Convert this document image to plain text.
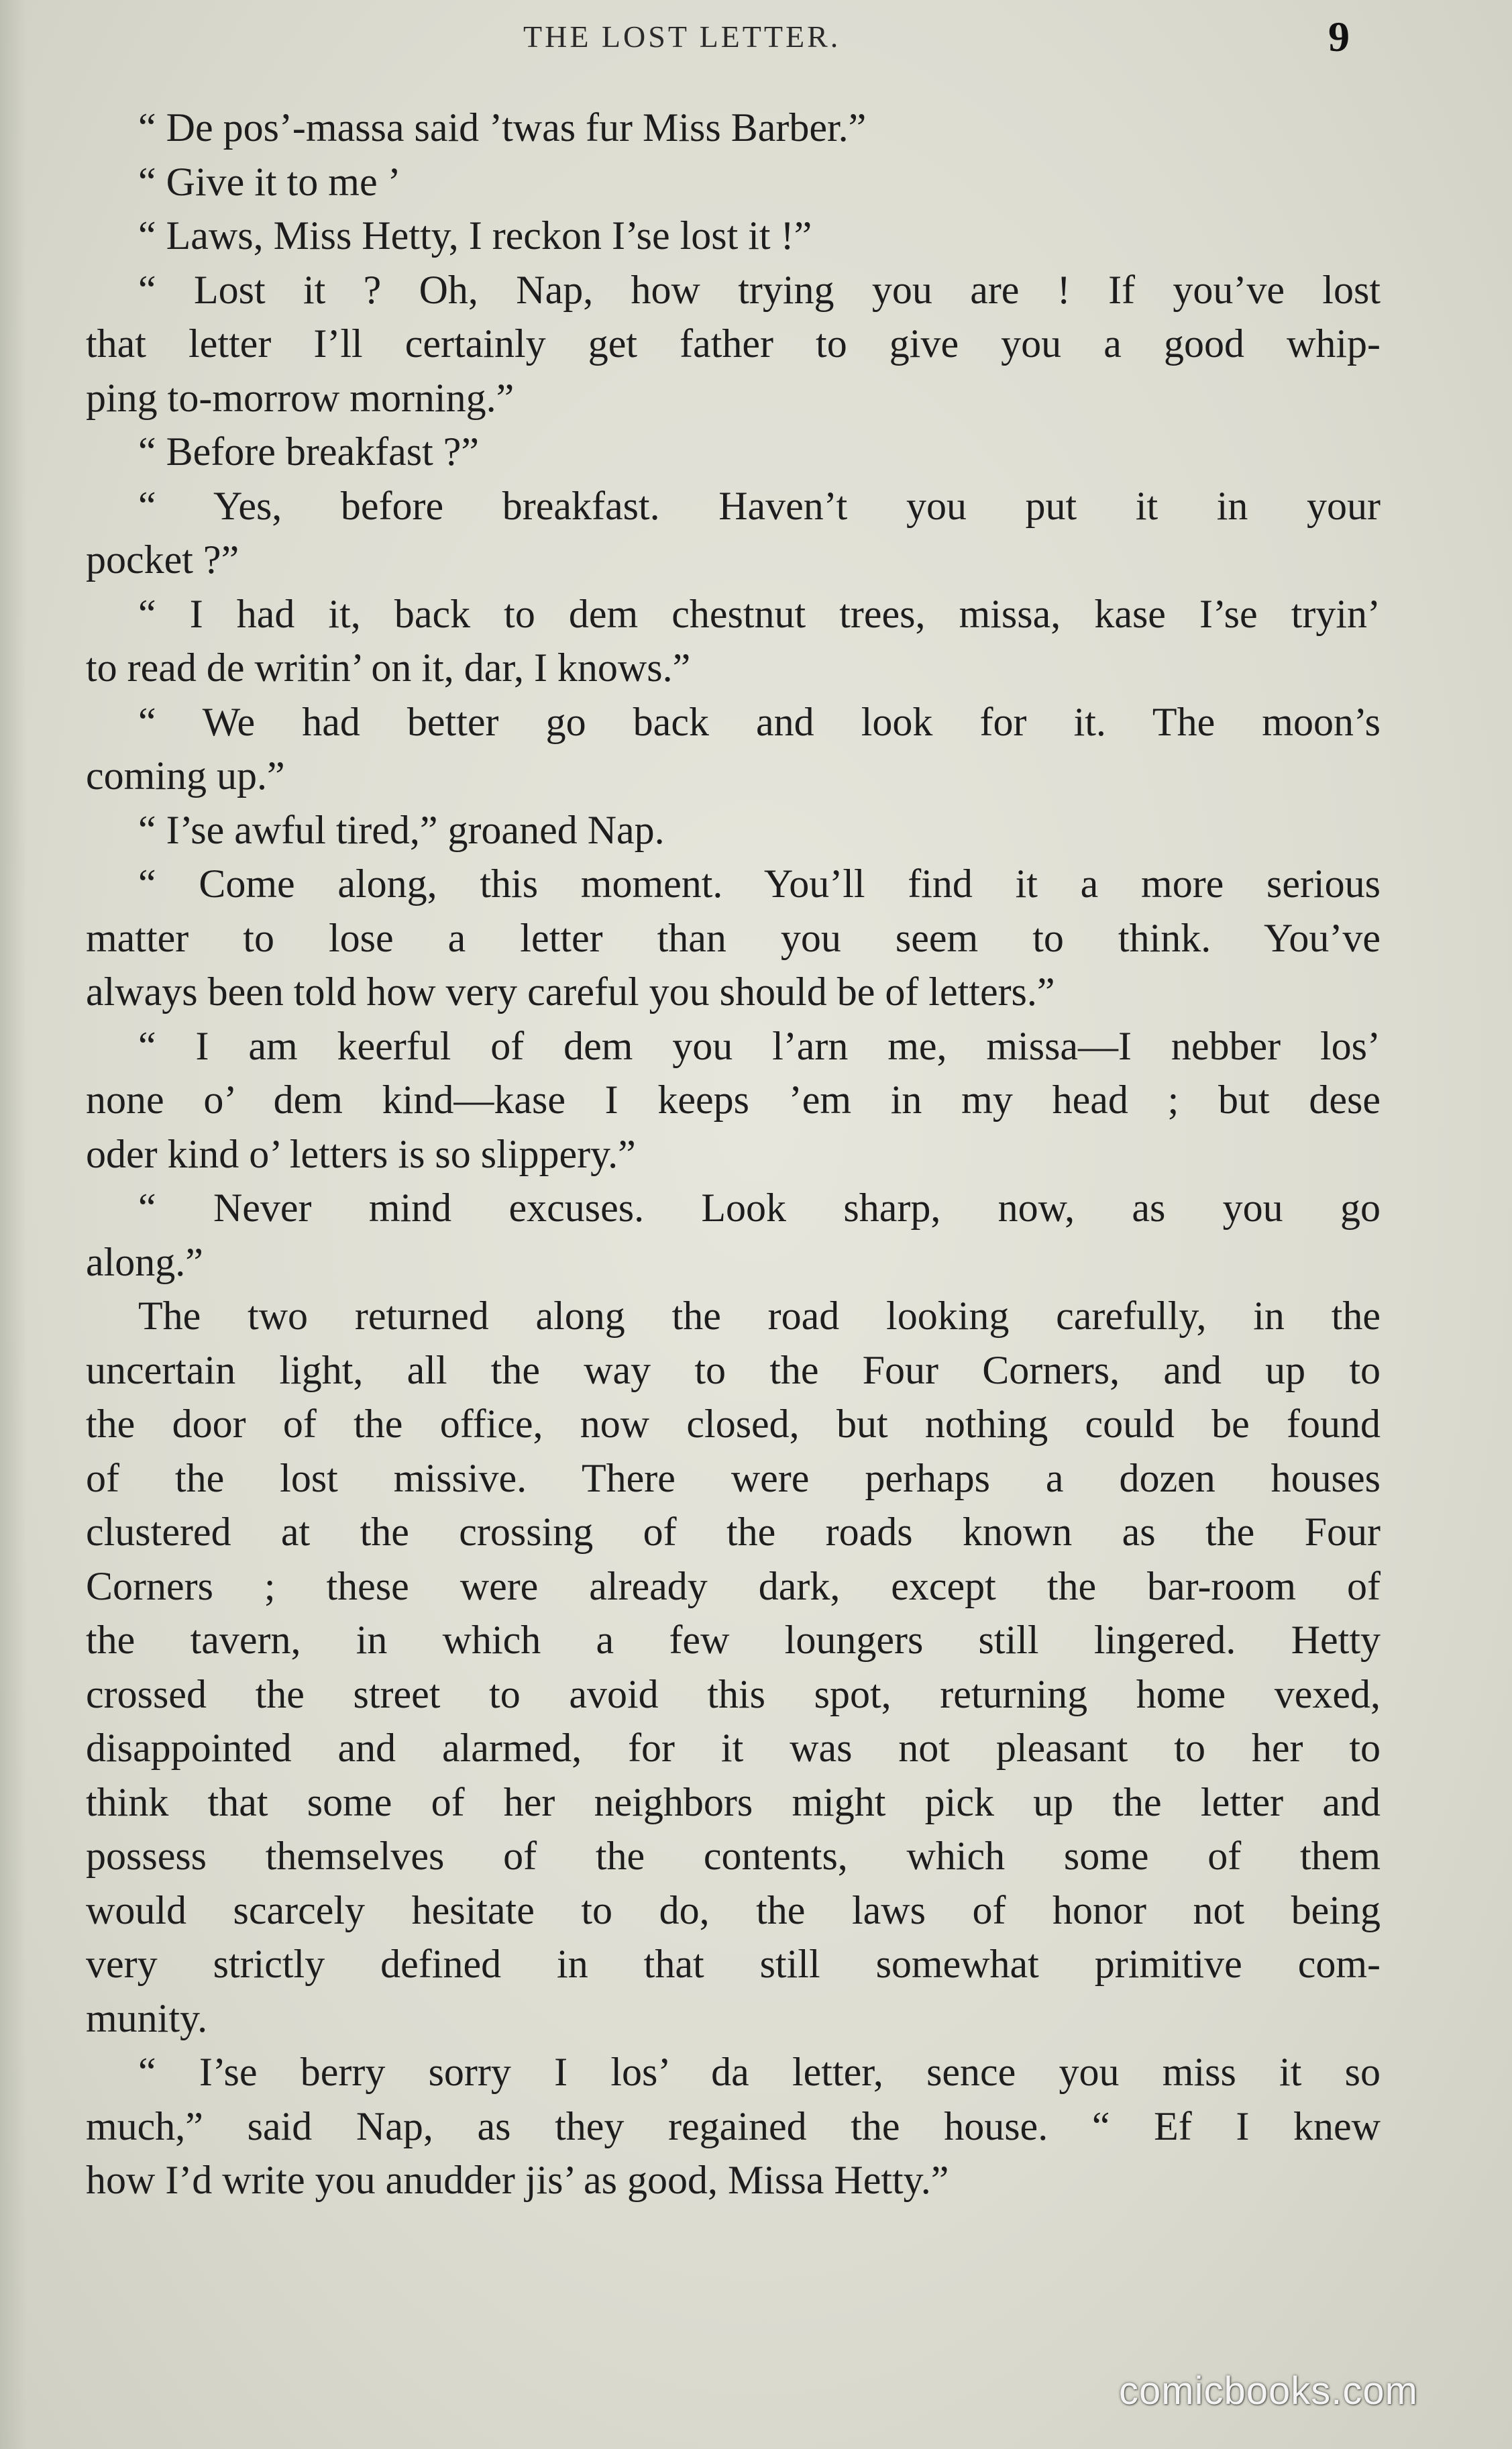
THE LOST LETTER.	9
“ De pos’-massa said ’twas fur Miss Barber.”
“ Give it to me ’
“ Laws, Miss Hetty, I reckon I’se lost it !”
“ Lost it ? Oh, Nap, how trying you are ! If you’ve lost
that letter I’ll certainly get father to give you a good whip-
ping to-morrow morning.”
“ Before breakfast ?”
“ Yes, before breakfast. Haven’t you put it in your
pocket ?”
“ I had it, back to dem chestnut trees, missa, kase I’se tryin’
to read de writin’ on it, dar, I knows.”
“ We had better go back and look for it. The moon’s
coming up.”
“ I’se awful tired,” groaned Nap.
“ Come along, this moment. You’ll find it a more serious
matter to lose a letter than you seem to think. You’ve
always been told how very careful you should be of letters.”
“ I am keerful of dem you l’arn me, missa—I nebber los’
none o’ dem kind—kase I keeps ’em in my head ; but dese
oder kind o’ letters is so slippery.”
“ Never mind excuses. Look sharp, now, as you go
along.”
The two returned along the road looking carefully, in the
uncertain light, all the way to the Four Corners, and up to
the door of the office, now closed, but nothing could be found
of the lost missive. There were perhaps a dozen houses
clustered at the crossing of the roads known as the Four
Corners ; these were already dark, except the bar-room of
the tavern, in which a few loungers still lingered. Hetty
crossed the street to avoid this spot, returning home vexed,
disappointed and alarmed, for it was not pleasant to her to
think that some of her neighbors might pick up the letter and
possess themselves of the contents, which some of them
would scarcely hesitate to do, the laws of honor not being
very strictly defined in that still somewhat primitive com-
munity.
“ I’se berry sorry I los’ da letter, sence you miss it so
much,” said Nap, as they regained the house. “ Ef I knew
how I’d write you anudder jis’ as good, Missa Hetty.”
comicbooks.com
